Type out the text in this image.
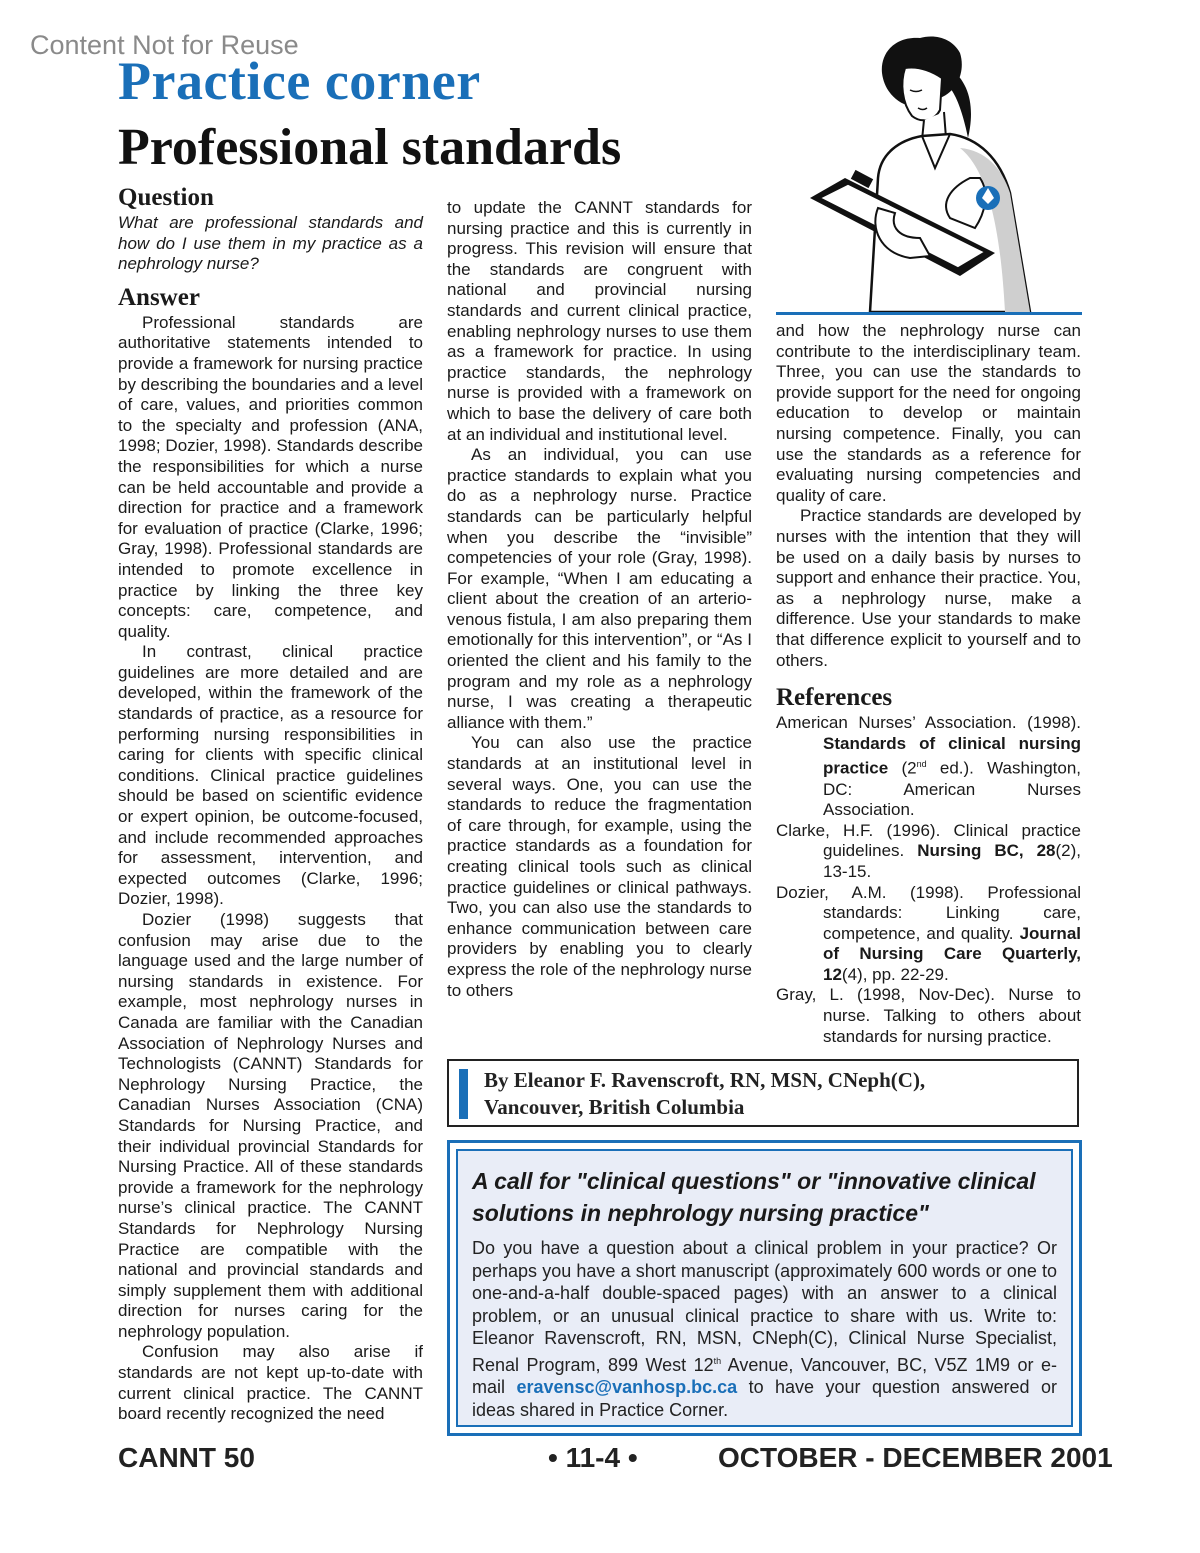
Content Not for Reuse
Practice corner
Professional standards
Question

What are professional standards and how do I use them in my practice as a nephrology nurse?

Answer

Professional standards are authoritative statements intended to provide a framework for nursing practice by describing the boundaries and a level of care, values, and priorities common to the specialty and profession (ANA, 1998; Dozier, 1998). Standards describe the responsibilities for which a nurse can be held accountable and provide a direction for practice and a framework for evaluation of practice (Clarke, 1996; Gray, 1998). Professional standards are intended to promote excellence in practice by linking the three key concepts: care, competence, and quality.

In contrast, clinical practice guidelines are more detailed and are developed, within the framework of the standards of practice, as a resource for performing nursing responsibilities in caring for clients with specific clinical conditions. Clinical practice guidelines should be based on scientific evidence or expert opinion, be outcome-focused, and include recommended approaches for assessment, intervention, and expected outcomes (Clarke, 1996; Dozier, 1998).

Dozier (1998) suggests that confusion may arise due to the language used and the large number of nursing standards in existence. For example, most nephrology nurses in Canada are familiar with the Canadian Association of Nephrology Nurses and Technologists (CANNT) Standards for Nephrology Nursing Practice, the Canadian Nurses Association (CNA) Standards for Nursing Practice, and their individual provincial Standards for Nursing Practice. All of these standards provide a framework for the nephrology nurse’s clinical practice. The CANNT Standards for Nephrology Nursing Practice are compatible with the national and provincial standards and simply supplement them with additional direction for nurses caring for the nephrology population.

Confusion may also arise if standards are not kept up-to-date with current clinical practice. The CANNT board recently recognized the need

to update the CANNT standards for nursing practice and this is currently in progress. This revision will ensure that the standards are congruent with national and provincial nursing standards and current clinical practice, enabling nephrology nurses to use them as a framework for practice. In using practice standards, the nephrology nurse is provided with a framework on which to base the delivery of care both at an individual and institutional level.

As an individual, you can use practice standards to explain what you do as a nephrology nurse. Practice standards can be particularly helpful when you describe the “invisible” competencies of your role (Gray, 1998). For example, “When I am educating a client about the creation of an arterio-venous fistula, I am also preparing them emotionally for this intervention”, or “As I oriented the client and his family to the program and my role as a nephrology nurse, I was creating a therapeutic alliance with them.”

You can also use the practice standards at an institutional level in several ways. One, you can use the standards to reduce the fragmentation of care through, for example, using the practice standards as a foundation for creating clinical tools such as clinical practice guidelines or clinical pathways. Two, you can also use the standards to enhance communication between care providers by enabling you to clearly express the role of the nephrology nurse to others

and how the nephrology nurse can contribute to the interdisciplinary team. Three, you can use the standards to provide support for the need for ongoing education to develop or maintain nursing competence. Finally, you can use the standards as a reference for evaluating nursing competencies and quality of care.

Practice standards are developed by nurses with the intention that they will be used on a daily basis by nurses to support and enhance their practice. You, as a nephrology nurse, make a difference. Use your standards to make that difference explicit to yourself and to others.

References

American Nurses’ Association. (1998). Standards of clinical nursing practice (2nd ed.). Washington, DC: American Nurses Association.

Clarke, H.F. (1996). Clinical practice guidelines. Nursing BC, 28(2), 13-15.

Dozier, A.M. (1998). Professional standards: Linking care, competence, and quality. Journal of Nursing Care Quarterly, 12(4), pp. 22-29.

Gray, L. (1998, Nov-Dec). Nurse to nurse. Talking to others about standards for nursing practice.

By Eleanor F. Ravenscroft, RN, MSN, CNeph(C),
Vancouver, British Columbia
A call for "clinical questions" or "innovative clinical solutions in nephrology nursing practice"
Do you have a question about a clinical problem in your practice? Or perhaps you have a short manuscript (approximately 600 words or one to one-and-a-half double-spaced pages) with an answer to a clinical problem, or an unusual clinical practice to share with us. Write to: Eleanor Ravenscroft, RN, MSN, CNeph(C), Clinical Nurse Specialist, Renal Program, 899 West 12th Avenue, Vancouver, BC, V5Z 1M9 or e-mail eravensc@vanhosp.bc.ca to have your question answered or ideas shared in Practice Corner.
CANNT 50	• 11-4 •	OCTOBER - DECEMBER 2001
